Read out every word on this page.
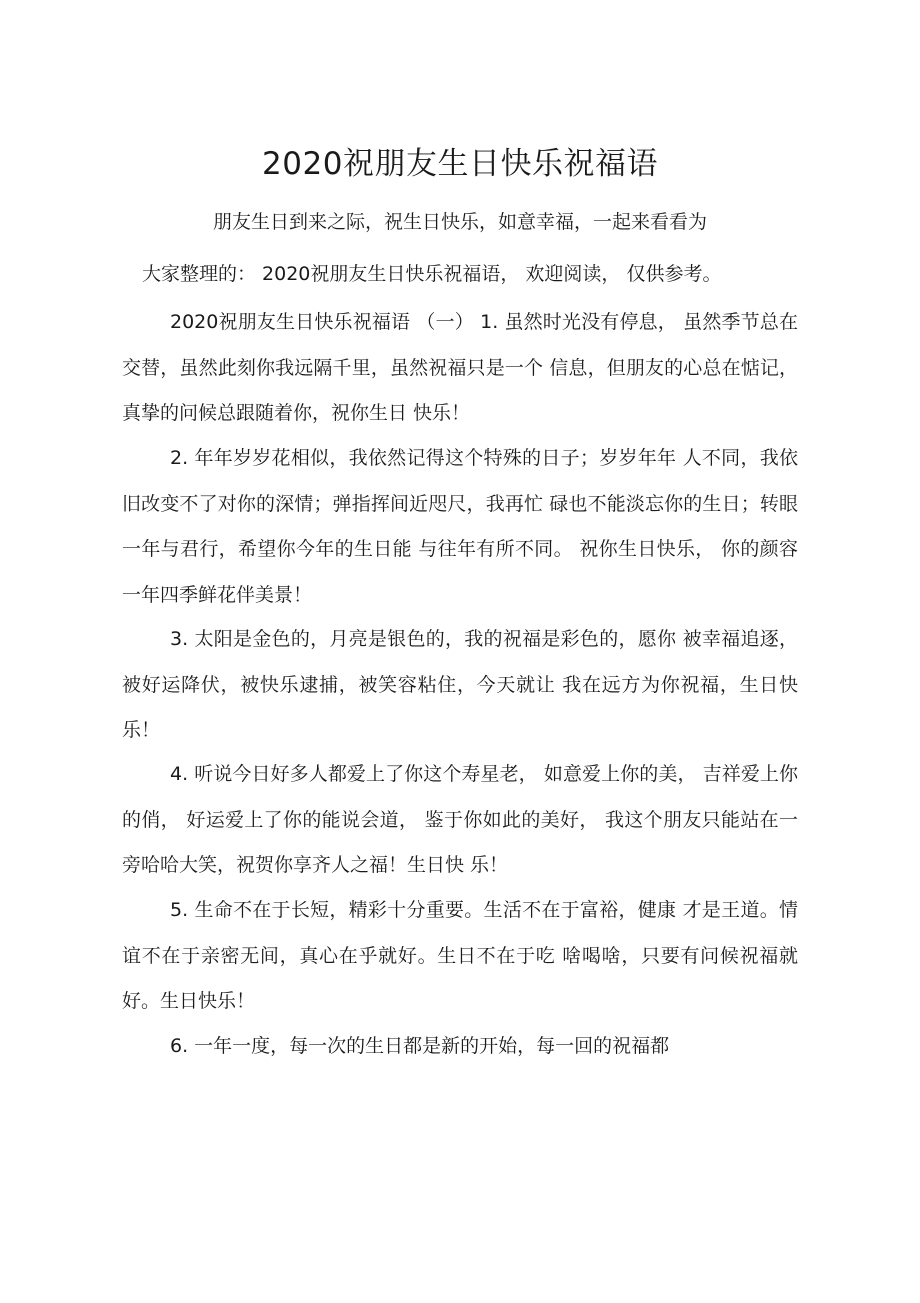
2020祝朋友生日快乐祝福语

朋友生日到来之际，祝生日快乐，如意幸福，一起来看看为

大家整理的： 2020祝朋友生日快乐祝福语， 欢迎阅读， 仅供参考。

2020祝朋友生日快乐祝福语 （一） 1. 虽然时光没有停息， 虽然季节总在交替，虽然此刻你我远隔千里，虽然祝福只是一个 信息，但朋友的心总在惦记，真挚的问候总跟随着你，祝你生日 快乐！

2. 年年岁岁花相似，我依然记得这个特殊的日子；岁岁年年 人不同，我依旧改变不了对你的深情；弹指挥间近咫尺，我再忙 碌也不能淡忘你的生日；转眼一年与君行，希望你今年的生日能 与往年有所不同。 祝你生日快乐， 你的颜容一年四季鲜花伴美景！

3. 太阳是金色的，月亮是银色的，我的祝福是彩色的，愿你 被幸福追逐，被好运降伏，被快乐逮捕，被笑容粘住，今天就让 我在远方为你祝福，生日快乐！

4. 听说今日好多人都爱上了你这个寿星老， 如意爱上你的美， 吉祥爱上你的俏， 好运爱上了你的能说会道， 鉴于你如此的美好， 我这个朋友只能站在一旁哈哈大笑，祝贺你享齐人之福！生日快 乐！

5. 生命不在于长短，精彩十分重要。生活不在于富裕，健康 才是王道。情谊不在于亲密无间，真心在乎就好。生日不在于吃 啥喝啥，只要有问候祝福就好。生日快乐！

6. 一年一度，每一次的生日都是新的开始，每一回的祝福都
